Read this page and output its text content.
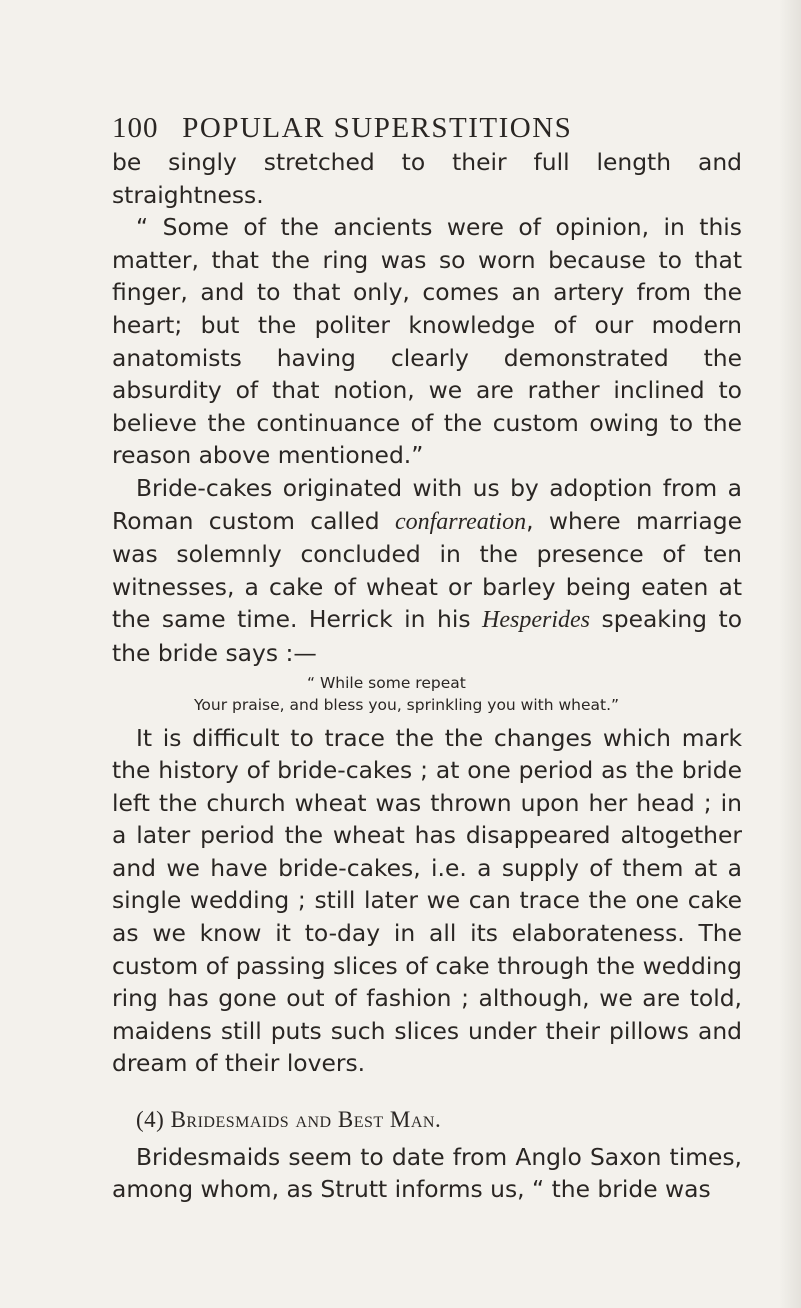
100 POPULAR SUPERSTITIONS

be singly stretched to their full length and straightness.

“ Some of the ancients were of opinion, in this matter, that the ring was so worn because to that finger, and to that only, comes an artery from the heart; but the politer knowledge of our modern anatomists having clearly demonstrated the absurdity of that notion, we are rather inclined to believe the continuance of the custom owing to the reason above mentioned.”

Bride-cakes originated with us by adoption from a Roman custom called confarreation, where marriage was solemnly concluded in the presence of ten witnesses, a cake of wheat or barley being eaten at the same time. Herrick in his Hesperides speaking to the bride says :—

“ While some repeat
Your praise, and bless you, sprinkling you with wheat.”

It is difficult to trace the the changes which mark the history of bride-cakes ; at one period as the bride left the church wheat was thrown upon her head ; in a later period the wheat has disappeared altogether and we have bride-cakes, i.e. a supply of them at a single wedding ; still later we can trace the one cake as we know it to-day in all its elaborateness. The custom of passing slices of cake through the wedding ring has gone out of fashion ; although, we are told, maidens still puts such slices under their pillows and dream of their lovers.

(4) Bridesmaids and Best Man.

Bridesmaids seem to date from Anglo Saxon times, among whom, as Strutt informs us, “ the bride was
